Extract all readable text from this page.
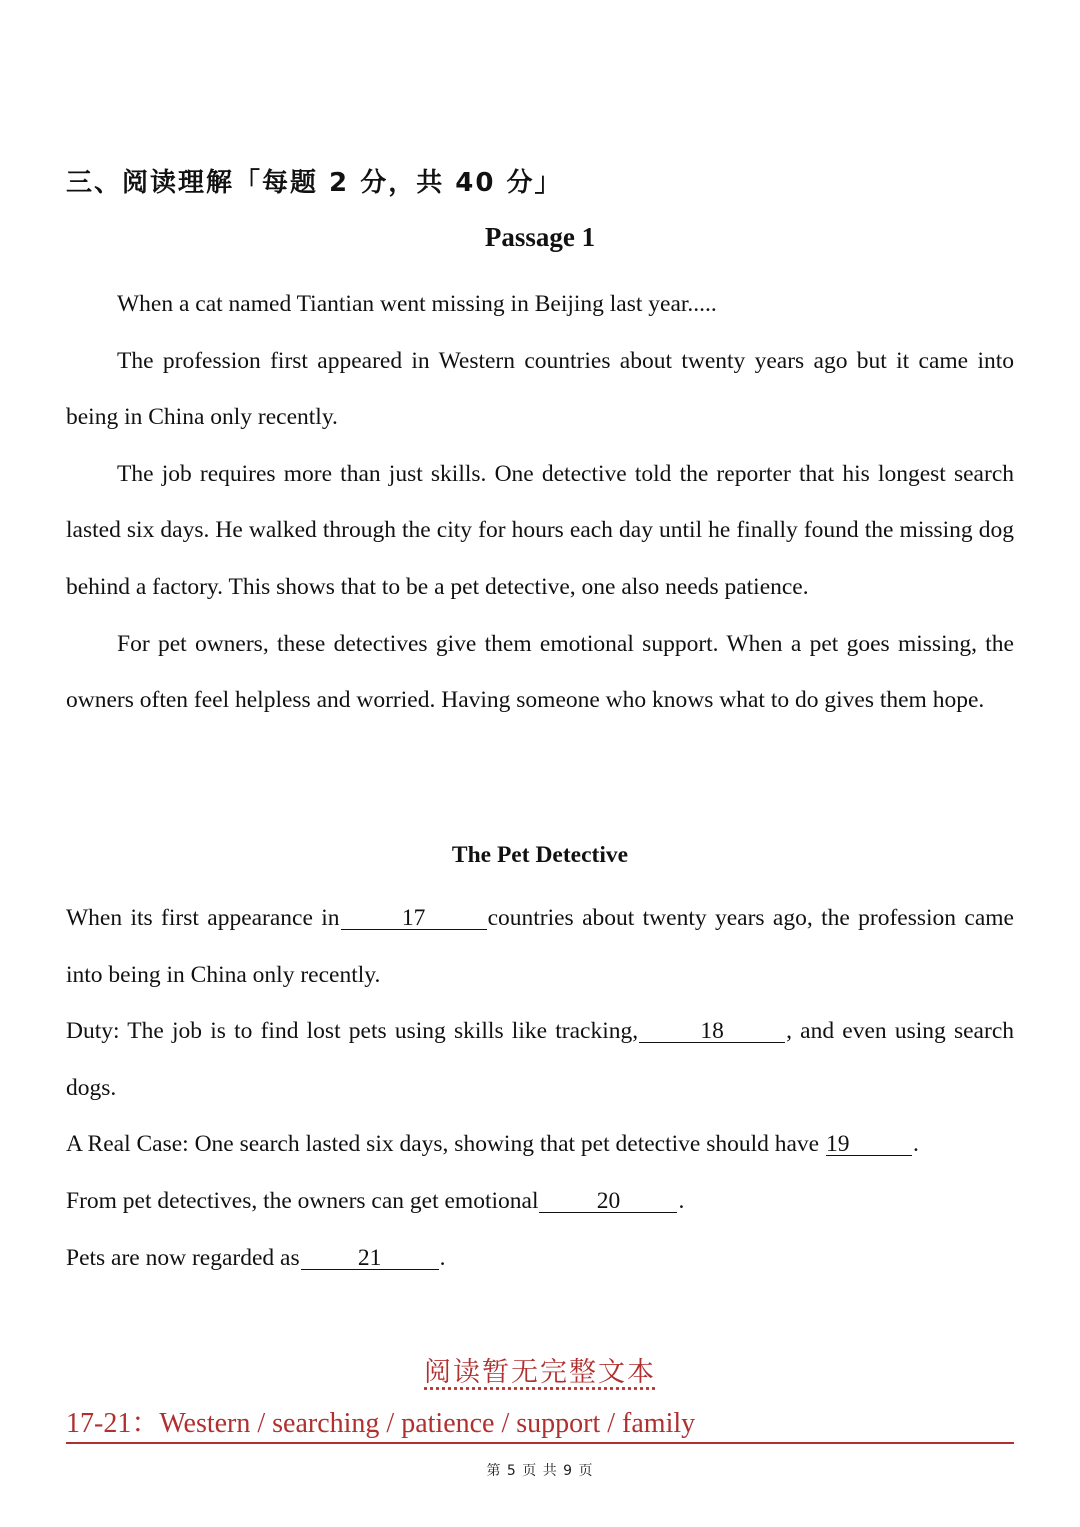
三、阅读理解「每题 2 分，共 40 分」
Passage 1

When a cat named Tiantian went missing in Beijing last year.....

The profession first appeared in Western countries about twenty years ago but it came into being in China only recently.

The job requires more than just skills. One detective told the reporter that his longest search lasted six days. He walked through the city for hours each day until he finally found the missing dog behind a factory. This shows that to be a pet detective, one also needs patience.

For pet owners, these detectives give them emotional support. When a pet goes missing, the owners often feel helpless and worried. Having someone who knows what to do gives them hope.

The Pet Detective

When its first appearance in	17	countries about twenty years ago, the profession came into being in China only recently.

Duty: The job is to find lost pets using skills like tracking,	18	, and even using search dogs.

A Real Case: One search lasted six days, showing that pet detective should have 19	.

From pet detectives, the owners can get emotional 20 .

Pets are now regarded as 21 .

阅读暂无完整文本
17-21：Western / searching / patience / support / family
第 5 页 共 9 页
